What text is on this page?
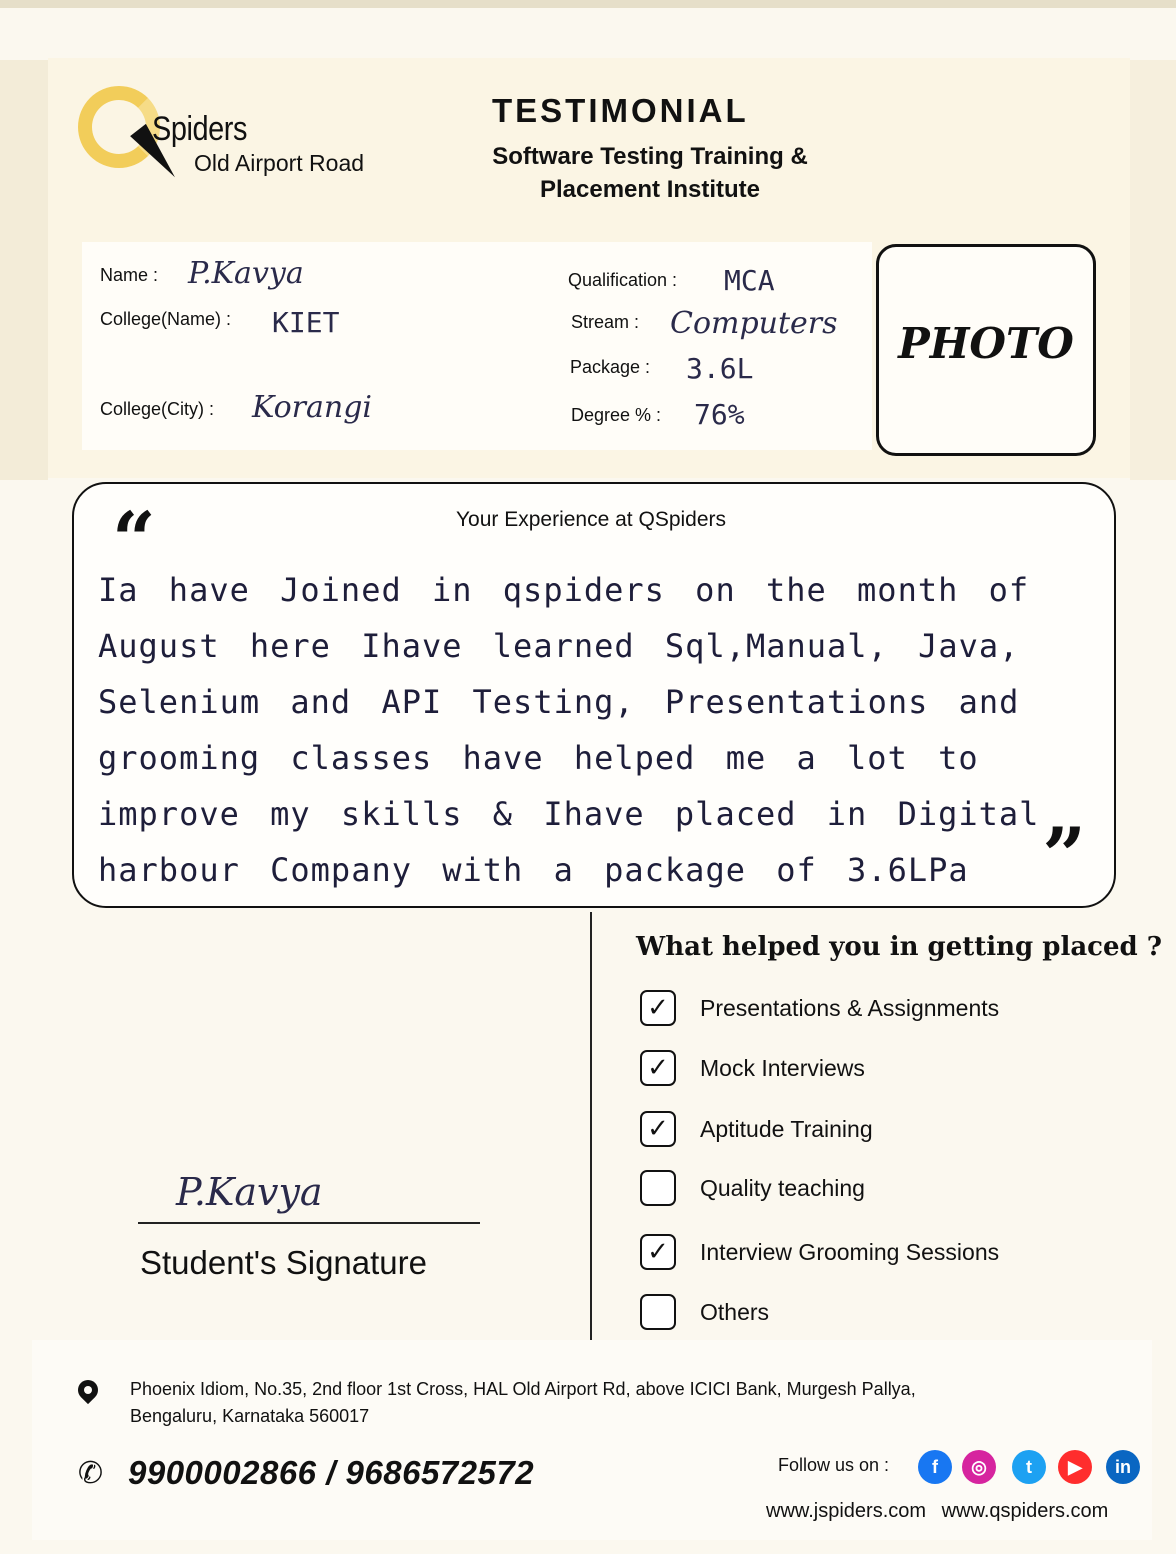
Spiders
Old Airport Road
TESTIMONIAL
Software Testing Training &
Placement Institute
Name : P.Kavya
College(Name) : KIET
College(City) : Korangi
Qualification : MCA
Stream : Computers
Package : 3.6L
Degree % : 76%
PHOTO
“	Your Experience at QSpiders
Ia have Joined in qspiders on the month of August here Ihave learned Sql,Manual, Java, Selenium and API Testing, Presentations and grooming classes have helped me a lot to improve my skills & Ihave placed in Digital harbour Company with a package of 3.6LPa ”
P.Kavya
Student's Signature
What helped you in getting placed ?
✓	Presentations & Assignments
✓	Mock Interviews
✓	Aptitude Training
Quality teaching
✓	Interview Grooming Sessions
Others
Phoenix Idiom, No.35, 2nd floor 1st Cross, HAL Old Airport Rd, above ICICI Bank, Murgesh Pallya,
Bengaluru, Karnataka 560017
✆ 9900002866 / 9686572572	Follow us on :	f	◎	t	▶	in
www.jspiders.com www.qspiders.com
